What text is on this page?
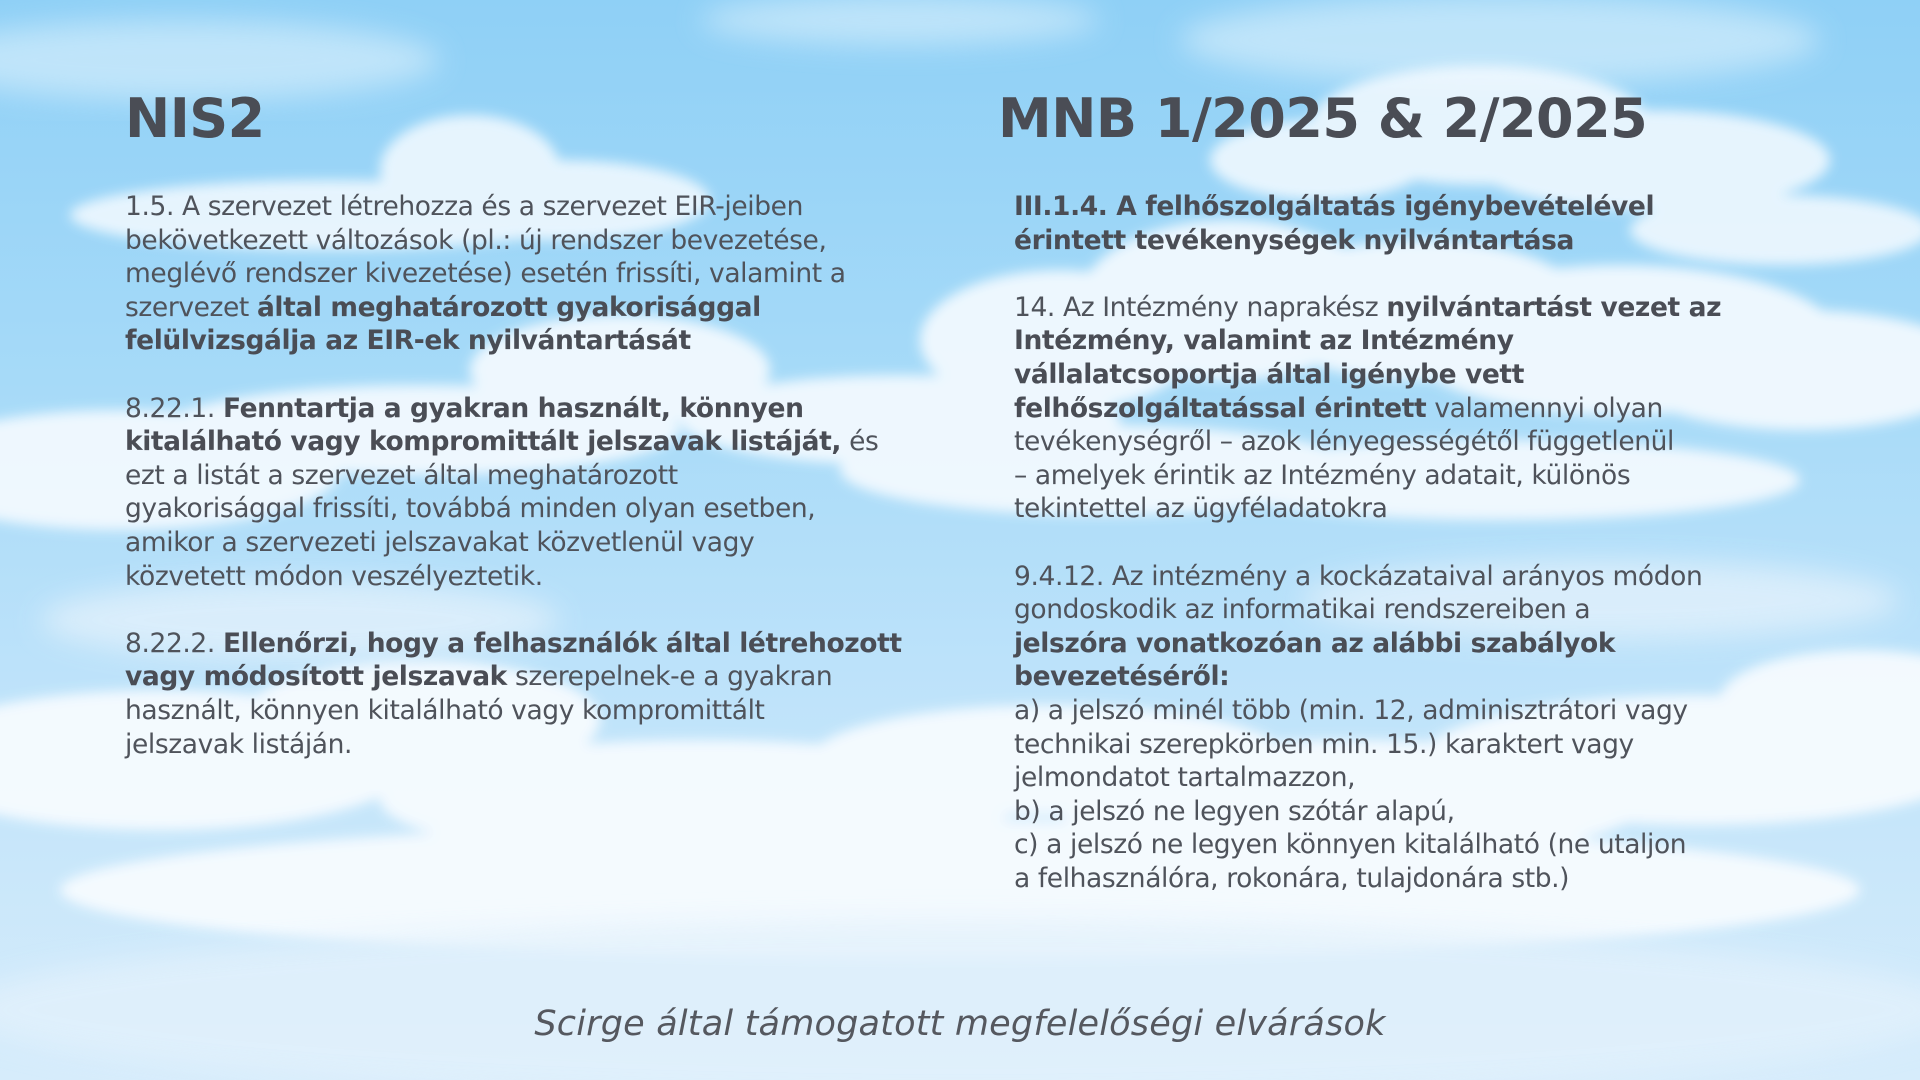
NIS2

1.5. A szervezet létrehozza és a szervezet EIR-jeiben
bekövetkezett változások (pl.: új rendszer bevezetése,
meglévő rendszer kivezetése) esetén frissíti, valamint a
szervezet által meghatározott gyakorisággal
felülvizsgálja az EIR-ek nyilvántartását

8.22.1. Fenntartja a gyakran használt, könnyen
kitalálható vagy kompromittált jelszavak listáját, és
ezt a listát a szervezet által meghatározott
gyakorisággal frissíti, továbbá minden olyan esetben,
amikor a szervezeti jelszavakat közvetlenül vagy
közvetett módon veszélyeztetik.

8.22.2. Ellenőrzi, hogy a felhasználók által létrehozott
vagy módosított jelszavak szerepelnek-e a gyakran
használt, könnyen kitalálható vagy kompromittált
jelszavak listáján.

MNB 1/2025 & 2/2025

III.1.4. A felhőszolgáltatás igénybevételével
érintett tevékenységek nyilvántartása

14. Az Intézmény naprakész nyilvántartást vezet az
Intézmény, valamint az Intézmény
vállalatcsoportja által igénybe vett
felhőszolgáltatással érintett valamennyi olyan
tevékenységről – azok lényegességétől függetlenül
– amelyek érintik az Intézmény adatait, különös
tekintettel az ügyféladatokra

9.4.12. Az intézmény a kockázataival arányos módon
gondoskodik az informatikai rendszereiben a
jelszóra vonatkozóan az alábbi szabályok
bevezetéséről:
a) a jelszó minél több (min. 12, adminisztrátori vagy
technikai szerepkörben min. 15.) karaktert vagy
jelmondatot tartalmazzon,
b) a jelszó ne legyen szótár alapú,
c) a jelszó ne legyen könnyen kitalálható (ne utaljon
a felhasználóra, rokonára, tulajdonára stb.)

Scirge által támogatott megfelelőségi elvárások
